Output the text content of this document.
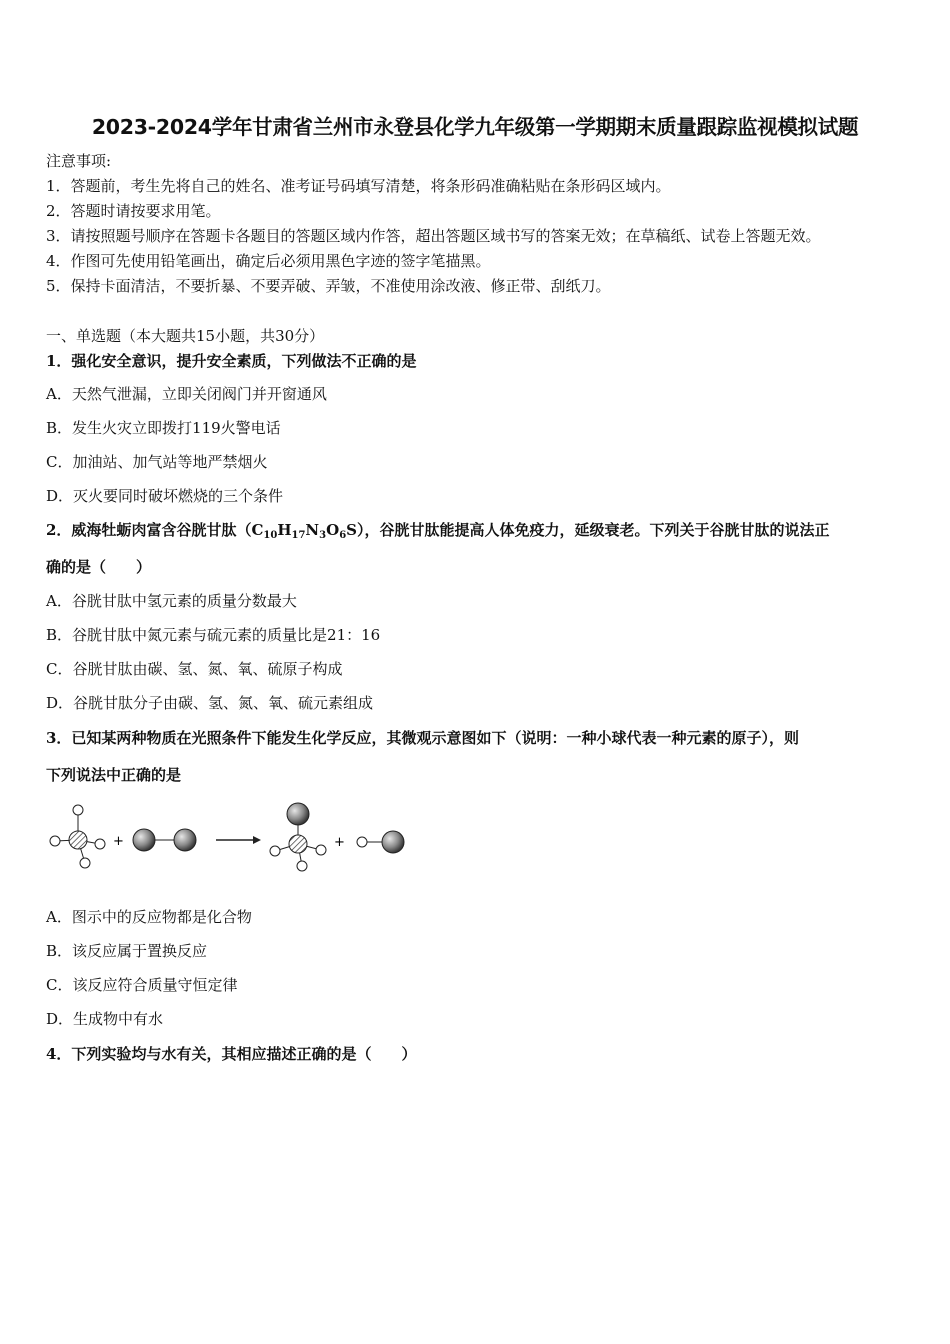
2023-2024学年甘肃省兰州市永登县化学九年级第一学期期末质量跟踪监视模拟试题
注意事项:
1．答题前，考生先将自己的姓名、准考证号码填写清楚，将条形码准确粘贴在条形码区域内。
2．答题时请按要求用笔。
3．请按照题号顺序在答题卡各题目的答题区域内作答，超出答题区域书写的答案无效；在草稿纸、试卷上答题无效。
4．作图可先使用铅笔画出，确定后必须用黑色字迹的签字笔描黑。
5．保持卡面清洁，不要折暴、不要弄破、弄皱，不准使用涂改液、修正带、刮纸刀。
一、单选题（本大题共15小题，共30分）
1．强化安全意识，提升安全素质，下列做法不正确的是
A．天然气泄漏，立即关闭阀门并开窗通风
B．发生火灾立即拨打119火警电话
C．加油站、加气站等地严禁烟火
D．灭火要同时破坏燃烧的三个条件
2．威海牡蛎肉富含谷胱甘肽$(C_{10}H_{17}N_3O_6S)$，谷胱甘肽能提高人体免疫力，延级衰老。下列关于谷胱甘肽的说法正
确的是（　　）
A．谷胱甘肽中氢元素的质量分数最大
B．谷胱甘肽中氮元素与硫元素的质量比是21：16
C．谷胱甘肽由碳、氢、氮、氧、硫原子构成
D．谷胱甘肽分子由碳、氢、氮、氧、硫元素组成
3．已知某两种物质在光照条件下能发生化学反应，其微观示意图如下（说明：一种小球代表一种元素的原子），则
下列说法中正确的是
+	+
A．图示中的反应物都是化合物
B．该反应属于置换反应
C．该反应符合质量守恒定律
D．生成物中有水
4．下列实验均与水有关，其相应描述正确的是（　　）
